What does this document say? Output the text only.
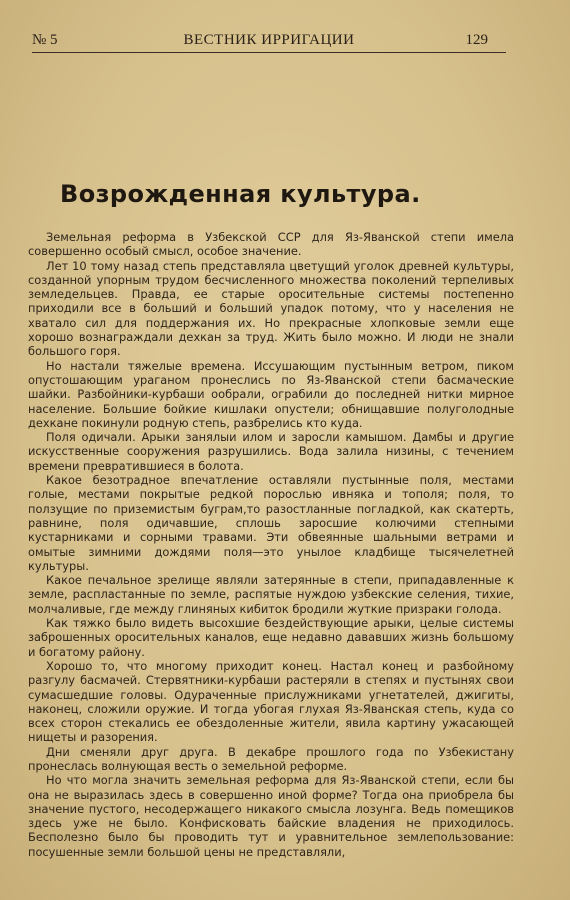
№ 5	ВЕСТНИК ИРРИГАЦИИ	129
Возрожденная культура.

Земельная реформа в Узбекской ССР для Яз-Яванской степи имела совершенно особый смысл, особое значение.

Лет 10 тому назад степь представляла цветущий уголок древней культуры, созданной упорным трудом бесчисленного множества поколений терпеливых земледельцев. Правда, ее старые оросительные системы постепенно приходили все в больший и больший упадок потому, что у населения не хватало сил для поддержания их. Но прекрасные хлопковые земли еще хорошо вознаграждали дехкан за труд. Жить было можно. И люди не знали большого горя.

Но настали тяжелые времена. Иссушающим пустынным ветром, пиком опустошающим ураганом пронеслись по Яз-Яванской степи басмаческие шайки. Разбойники-курбаши ообрали, ограбили до последней нитки мирное население. Большие бойкие кишлаки опустели; обнищавшие полуголодные дехкане покинули родную степь, разбрелись кто куда.

Поля одичали. Арыки занялыи илом и заросли камышом. Дамбы и другие искусственные сооружения разрушились. Вода залила низины, с течением времени превратившиеся в болота.

Какое безотрадное впечатление оставляли пустынные поля, местами голые, местами покрытые редкой порослью ивняка и тополя; поля, то ползущие по приземистым буграм,то разостланные погладкой, как скатерть, равнине, поля одичавшие, сплошь заросшие колючими степными кустарниками и сорными травами. Эти обвеянные шальными ветрами и омытые зимними дождями поля—это унылое кладбище тысячелетней культуры.

Какое печальное зрелище являли затерянные в степи, припадавленные к земле, распластанные по земле, распятые нуждою узбекские селения, тихие, молчаливые, где между глиняных кибиток бродили жуткие призраки голода.

Как тяжко было видеть высохшие бездействующие арыки, целые системы заброшенных оросительных каналов, еще недавно дававших жизнь большому и богатому району.

Хорошо то, что многому приходит конец. Настал конец и разбойному разгулу басмачей. Стервятники-курбаши растеряли в степях и пустынях свои сумасшедшие головы. Одураченные прислужниками угнетателей, джигиты, наконец, сложили оружие. И тогда убогая глухая Яз-Яванская степь, куда со всех сторон стекались ее обездоленные жители, явила картину ужасающей нищеты и разорения.

Дни сменяли друг друга. В декабре прошлого года по Узбекистану пронеслась волнующая весть о земельной реформе.

Но что могла значить земельная реформа для Яз-Яванской степи, если бы она не выразилась здесь в совершенно иной форме? Тогда она приобрела бы значение пустого, несодержащего никакого смысла лозунга. Ведь помещиков здесь уже не было. Конфисковать байские владения не приходилось. Бесполезно было бы проводить тут и уравнительное землепользование: посушенные земли большой цены не представляли,
